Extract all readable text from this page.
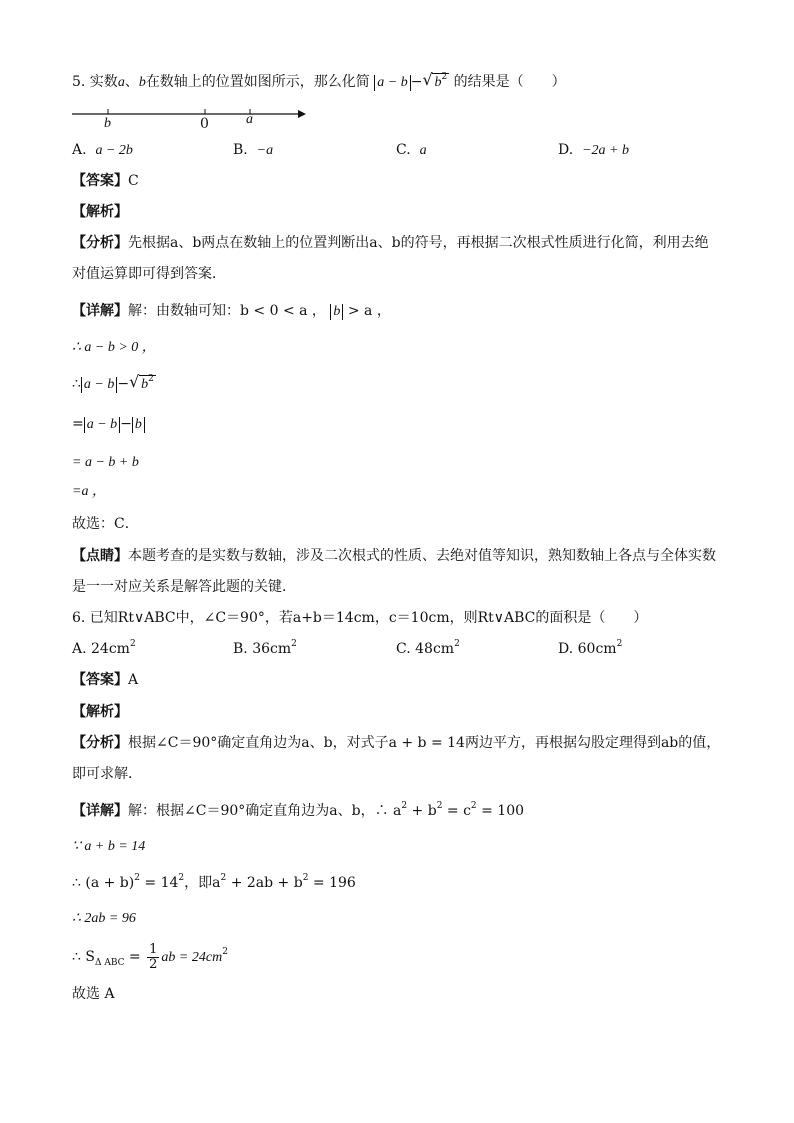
5. 实数a、b在数轴上的位置如图所示，那么化简 a − b − √ $b^2$ 的结果是（　　）
b	0	a
A. a − 2b	B. −a	C. a	D. −2a + b
【答案】C
【解析】
【分析】先根据a、b两点在数轴上的位置判断出a、b的符号，再根据二次根式性质进行化简，利用去绝
对值运算即可得到答案．
【详解】解：由数轴可知：b < 0 < a ， b > a ，
∴ a − b > 0 ，
∴ a − b − √ $b^2$
= a − b − b
= a − b + b
=a ，
故选：C．
【点睛】本题考查的是实数与数轴，涉及二次根式的性质、去绝对值等知识，熟知数轴上各点与全体实数
是一一对应关系是解答此题的关键．
6. 已知Rt∨ABC中，∠C＝90°，若a+b＝14cm，c＝10cm，则Rt∨ABC的面积是（　　）
A. $24cm^2$	B. $36cm^2$	C. $48cm^2$	D. $60cm^2$
【答案】A
【解析】
【分析】根据∠C＝90°确定直角边为a、b，对式子a + b = 14两边平方，再根据勾股定理得到ab的值，
即可求解．
【详解】解：根据∠C＝90°确定直角边为a、b，∴ $a^2 + b^2 = c^2 = 100$
∵ a + b = 14
∴ $(a + b)^2 = 14^2$，即$a^2 + 2ab + b^2 = 196$
∴ 2ab = 96
∴ $S_{\Delta ABC} = \frac{1}{2}$ ab = $24cm^2$
故选 A
